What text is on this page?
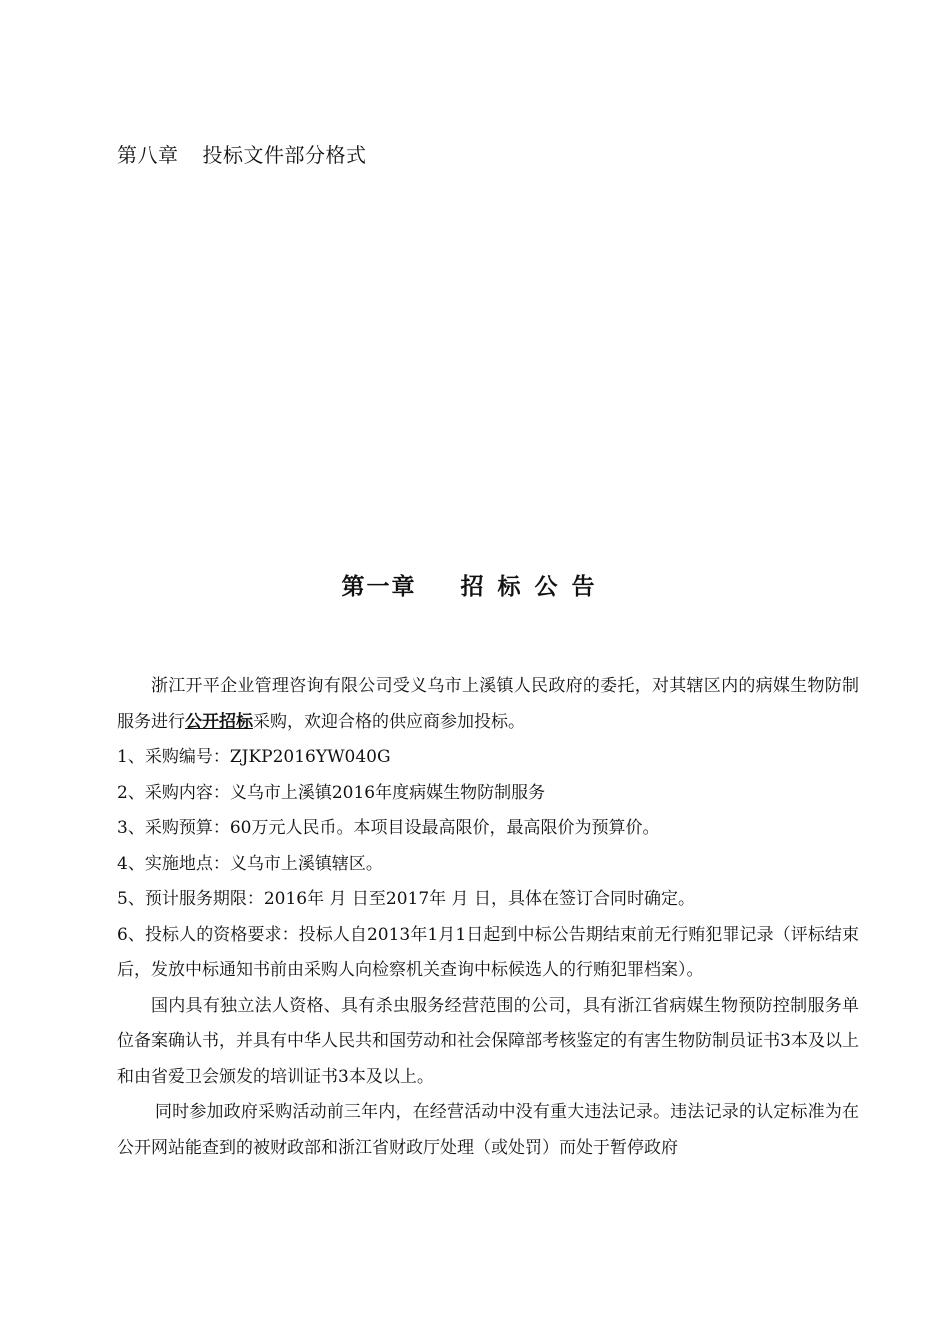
第八章 投标文件部分格式
第一章 招标公告

浙江开平企业管理咨询有限公司受义乌市上溪镇人民政府的委托，对其辖区内的病媒生物防制服务进行公开招标采购，欢迎合格的供应商参加投标。

1、采购编号：ZJKP2016YW040G

2、采购内容：义乌市上溪镇2016年度病媒生物防制服务

3、采购预算：60万元人民币。本项目设最高限价，最高限价为预算价。

4、实施地点：义乌市上溪镇辖区。

5、预计服务期限：2016年 月 日至2017年 月 日，具体在签订合同时确定。

6、投标人的资格要求：投标人自2013年1月1日起到中标公告期结束前无行贿犯罪记录（评标结束后，发放中标通知书前由采购人向检察机关查询中标候选人的行贿犯罪档案）。

国内具有独立法人资格、具有杀虫服务经营范围的公司，具有浙江省病媒生物预防控制服务单位备案确认书，并具有中华人民共和国劳动和社会保障部考核鉴定的有害生物防制员证书3本及以上和由省爱卫会颁发的培训证书3本及以上。

同时参加政府采购活动前三年内，在经营活动中没有重大违法记录。违法记录的认定标准为在公开网站能查到的被财政部和浙江省财政厅处理（或处罚）而处于暂停政府
